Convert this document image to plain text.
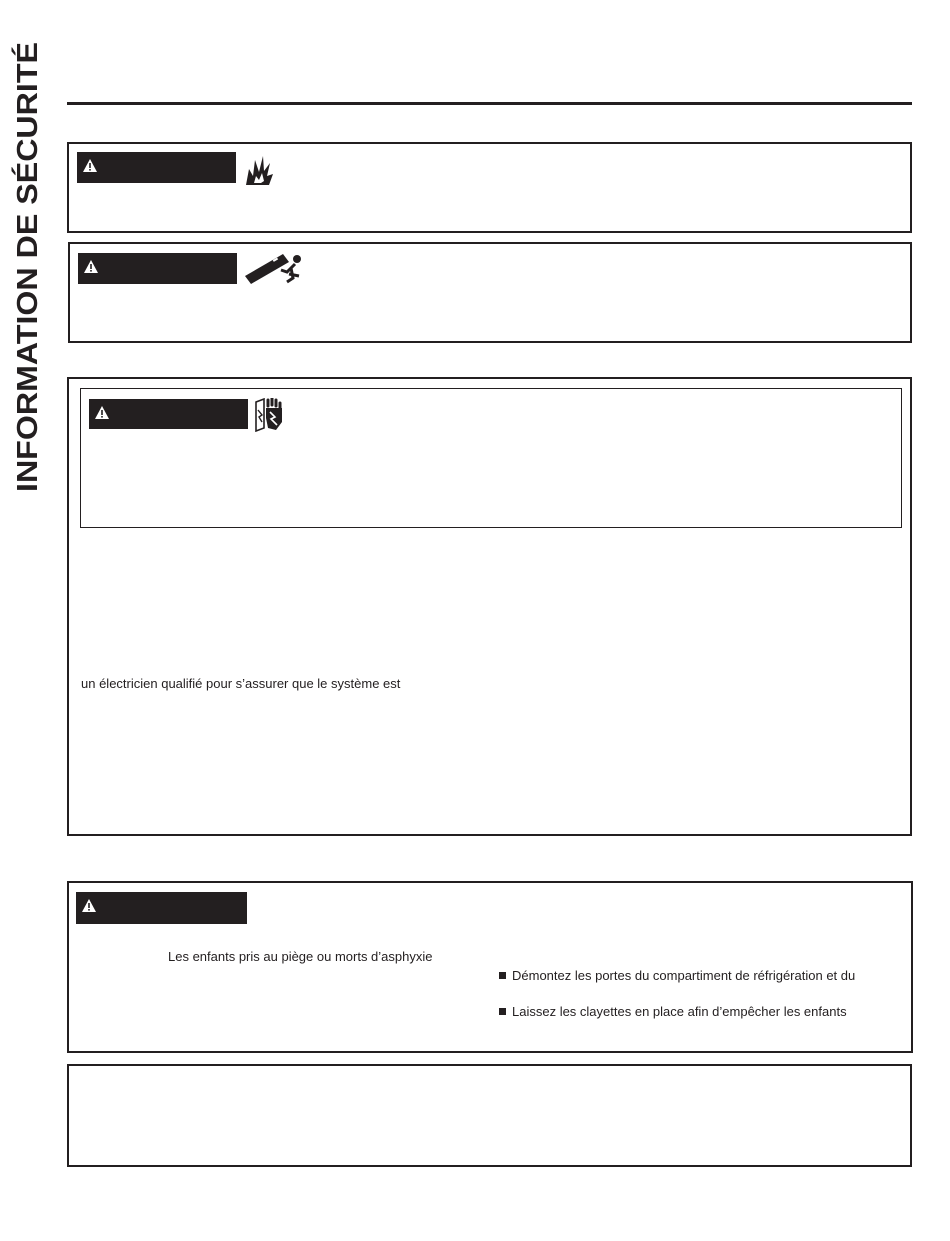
INFORMATION DE SÉCURITÉ
un électricien qualifié pour s’assurer que le système est
Les enfants pris au piège ou morts d’asphyxie
Démontez les portes du compartiment de réfrigération et du
Laissez les clayettes en place afin d’empêcher les enfants
